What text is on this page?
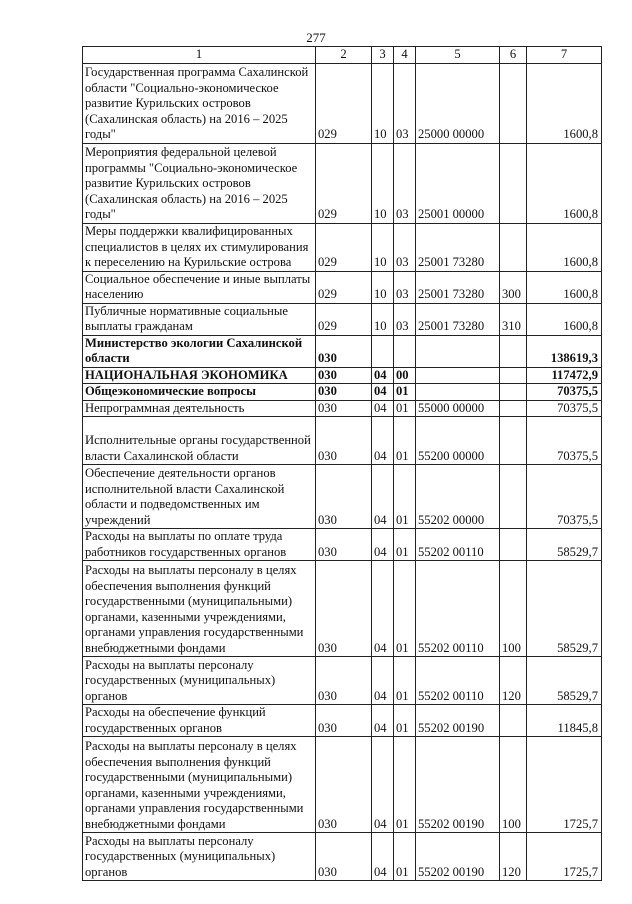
277
1	2	3	4	5	6	7
Государственная программа Сахалинской области "Социально-экономическое развитие Курильских островов (Сахалинская область) на 2016 – 2025 годы"	029	10	03	25000 00000		1600,8
Мероприятия федеральной целевой программы "Социально-экономическое развитие Курильских островов (Сахалинская область) на 2016 – 2025 годы"	029	10	03	25001 00000		1600,8
Меры поддержки квалифицированных специалистов в целях их стимулирования к переселению на Курильские острова	029	10	03	25001 73280		1600,8
Социальное обеспечение и иные выплаты населению	029	10	03	25001 73280	300	1600,8
Публичные нормативные социальные выплаты гражданам	029	10	03	25001 73280	310	1600,8
Министерство экологии Сахалинской области	030					138619,3
НАЦИОНАЛЬНАЯ ЭКОНОМИКА	030	04	00			117472,9
Общеэкономические вопросы	030	04	01			70375,5
Непрограммная деятельность	030	04	01	55000 00000		70375,5
Исполнительные органы государственной власти Сахалинской области	030	04	01	55200 00000		70375,5
Обеспечение деятельности органов исполнительной власти Сахалинской области и подведомственных им учреждений	030	04	01	55202 00000		70375,5
Расходы на выплаты по оплате труда работников государственных органов	030	04	01	55202 00110		58529,7
Расходы на выплаты персоналу в целях обеспечения выполнения функций государственными (муниципальными) органами, казенными учреждениями, органами управления государственными внебюджетными фондами	030	04	01	55202 00110	100	58529,7
Расходы на выплаты персоналу государственных (муниципальных) органов	030	04	01	55202 00110	120	58529,7
Расходы на обеспечение функций государственных органов	030	04	01	55202 00190		11845,8
Расходы на выплаты персоналу в целях обеспечения выполнения функций государственными (муниципальными) органами, казенными учреждениями, органами управления государственными внебюджетными фондами	030	04	01	55202 00190	100	1725,7
Расходы на выплаты персоналу государственных (муниципальных) органов	030	04	01	55202 00190	120	1725,7
